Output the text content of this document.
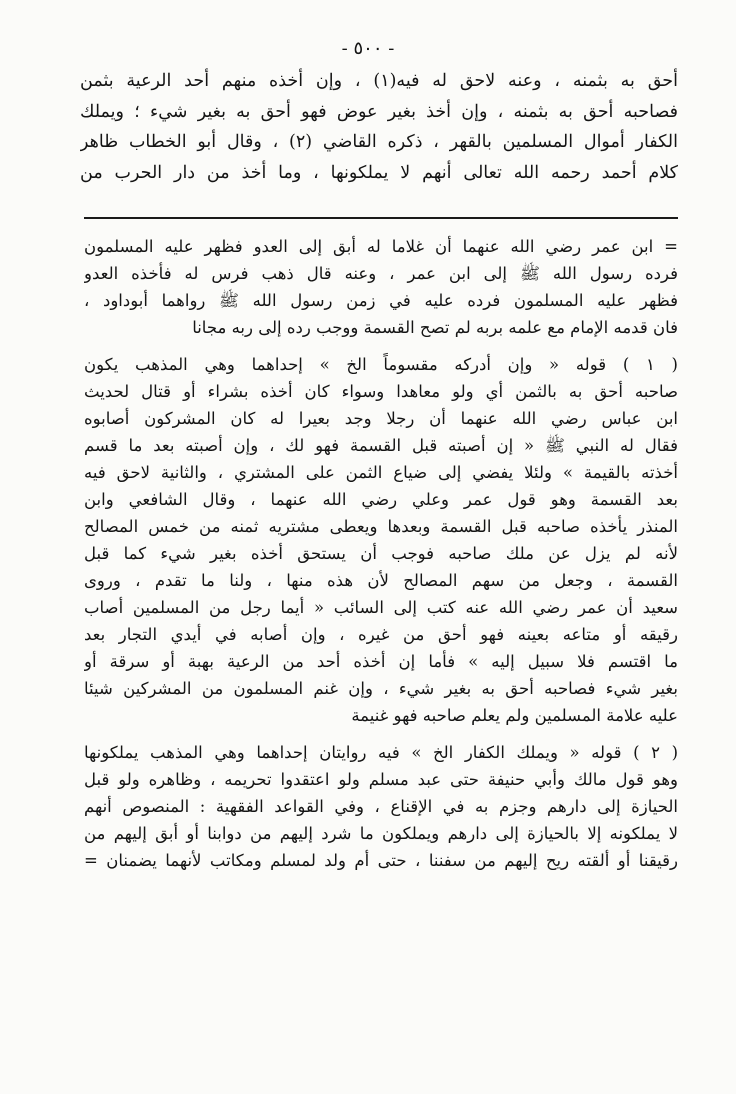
- ٥٠٠ -
أحق به بثمنه ، وعنه لاحق له فيه(١) ، وإن أخذه منهم أحد الرعية بثمن
فصاحبه أحق به بثمنه ، وإن أخذ بغير عوض فهو أحق به بغير شيء ؛ ويملك
الكفار أموال المسلمين بالقهر ، ذكره القاضي (٢) ، وقال أبو الخطاب ظاهر
كلام أحمد رحمه الله تعالى أنهم لا يملكونها ، وما أخذ من دار الحرب من
= ابن عمر رضي الله عنهما أن غلاما له أبق إلى العدو فظهر عليه المسلمون
فرده رسول الله ﷺ إلى ابن عمر ، وعنه قال ذهب فرس له فأخذه العدو
فظهر عليه المسلمون فرده عليه في زمن رسول الله ﷺ رواهما أبوداود ،
فان قدمه الإمام مع علمه بربه لم تصح القسمة ووجب رده إلى ربه مجانا
( ١ ) قوله « وإن أدركه مقسوماً الخ » إحداهما وهي المذهب يكون
صاحبه أحق به بالثمن أي ولو معاهدا وسواء كان أخذه بشراء أو قتال لحديث
ابن عباس رضي الله عنهما أن رجلا وجد بعيرا له كان المشركون أصابوه
فقال له النبي ﷺ « إن أصبته قبل القسمة فهو لك ، وإن أصبته بعد ما قسم
أخذته بالقيمة » ولئلا يفضي إلى ضياع الثمن على المشتري ، والثانية لاحق فيه
بعد القسمة وهو قول عمر وعلي رضي الله عنهما ، وقال الشافعي وابن
المنذر يأخذه صاحبه قبل القسمة وبعدها ويعطى مشتريه ثمنه من خمس المصالح
لأنه لم يزل عن ملك صاحبه فوجب أن يستحق أخذه بغير شيء كما قبل
القسمة ، وجعل من سهم المصالح لأن هذه منها ، ولنا ما تقدم ، وروى
سعيد أن عمر رضي الله عنه كتب إلى السائب « أيما رجل من المسلمين أصاب
رقيقه أو متاعه بعينه فهو أحق من غيره ، وإن أصابه في أيدي التجار بعد
ما اقتسم فلا سبيل إليه » فأما إن أخذه أحد من الرعية بهبة أو سرقة أو
بغير شيء فصاحبه أحق به بغير شيء ، وإن غنم المسلمون من المشركين شيئا
عليه علامة المسلمين ولم يعلم صاحبه فهو غنيمة
( ٢ ) قوله « ويملك الكفار الخ » فيه روايتان إحداهما وهي المذهب يملكونها
وهو قول مالك وأبي حنيفة حتى عبد مسلم ولو اعتقدوا تحريمه ، وظاهره ولو قبل
الحيازة إلى دارهم وجزم به في الإقناع ، وفي القواعد الفقهية : المنصوص أنهم
لا يملكونه إلا بالحيازة إلى دارهم ويملكون ما شرد إليهم من دوابنا أو أبق إليهم من
رقيقنا أو ألقته ريح إليهم من سفننا ، حتى أم ولد لمسلم ومكاتب لأنهما يضمنان =
